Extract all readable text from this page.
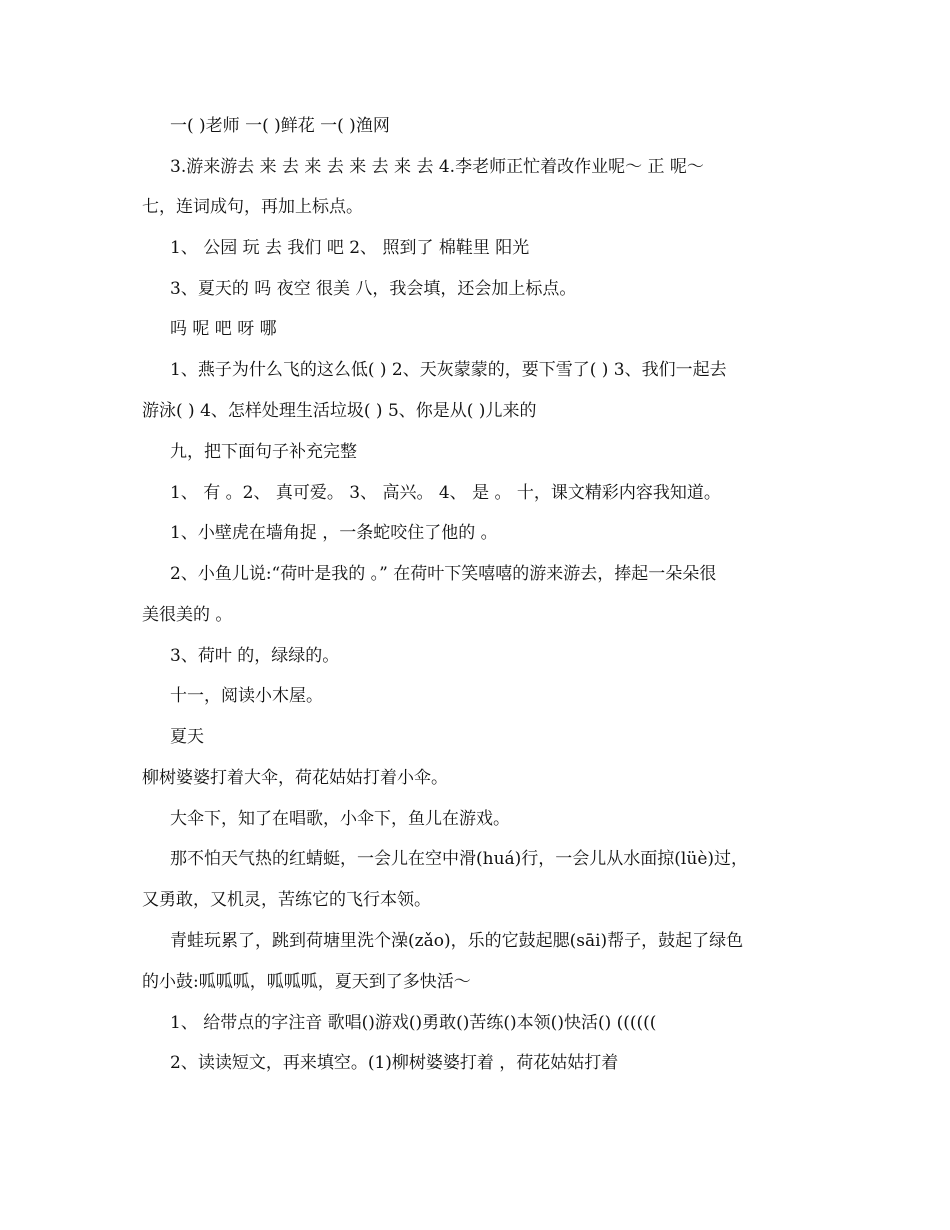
一( )老师 一( )鲜花 一( )渔网
3.游来游去 来 去 来 去 来 去 来 去 4.李老师正忙着改作业呢～ 正 呢～
七，连词成句，再加上标点。
1、 公园 玩 去 我们 吧 2、 照到了 棉鞋里 阳光
3、夏天的 吗 夜空 很美 八，我会填，还会加上标点。
吗 呢 吧 呀 哪
1、燕子为什么飞的这么低( ) 2、天灰蒙蒙的，要下雪了( ) 3、我们一起去
游泳( ) 4、怎样处理生活垃圾( ) 5、你是从( )儿来的
九，把下面句子补充完整
1、 有 。2、 真可爱。 3、 高兴。 4、 是 。 十，课文精彩内容我知道。
1、小壁虎在墙角捉 ，一条蛇咬住了他的 。
2、小鱼儿说:“荷叶是我的 。” 在荷叶下笑嘻嘻的游来游去，捧起一朵朵很
美很美的 。
3、荷叶 的，绿绿的。
十一，阅读小木屋。
夏天
柳树婆婆打着大伞，荷花姑姑打着小伞。
大伞下，知了在唱歌，小伞下，鱼儿在游戏。
那不怕天气热的红蜻蜓，一会儿在空中滑(huá)行，一会儿从水面掠(lüè)过，
又勇敢，又机灵，苦练它的飞行本领。
青蛙玩累了，跳到荷塘里洗个澡(zǎo)，乐的它鼓起腮(sāi)帮子，鼓起了绿色
的小鼓:呱呱呱，呱呱呱，夏天到了多快活～
1、 给带点的字注音 歌唱()游戏()勇敢()苦练()本领()快活() ((((((
2、读读短文，再来填空。(1)柳树婆婆打着 ，荷花姑姑打着
